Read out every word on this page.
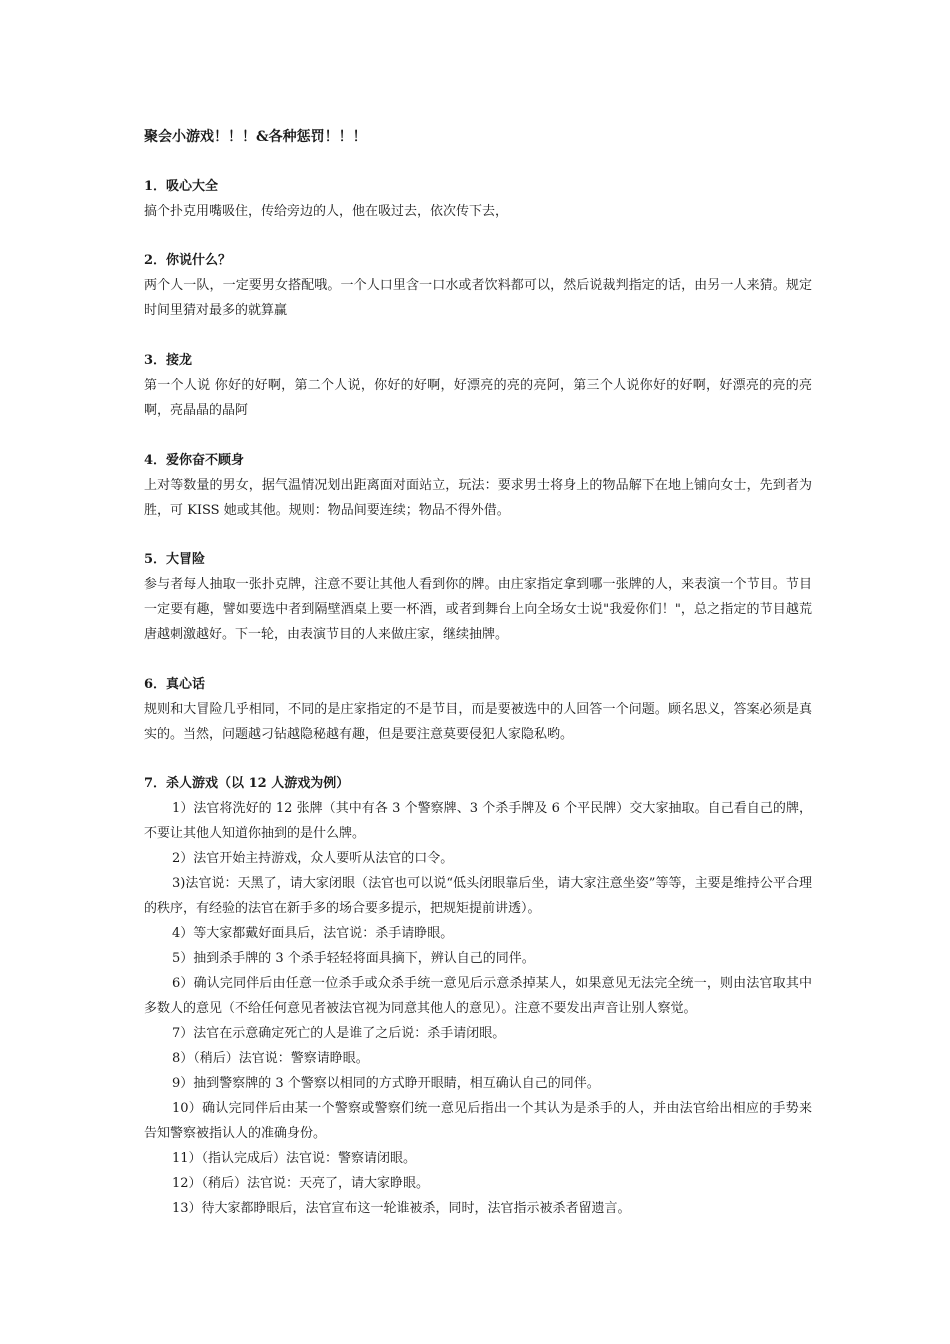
聚会小游戏！！！&各种惩罚！！！
1．吸心大全
搞个扑克用嘴吸住，传给旁边的人，他在吸过去，依次传下去，
2．你说什么？
两个人一队，一定要男女搭配哦。一个人口里含一口水或者饮料都可以，然后说裁判指定的话，由另一人来猜。规定时间里猜对最多的就算赢
3．接龙
第一个人说 你好的好啊，第二个人说，你好的好啊，好漂亮的亮的亮阿，第三个人说你好的好啊，好漂亮的亮的亮啊，亮晶晶的晶阿
4．爱你奋不顾身
上对等数量的男女，据气温情况划出距离面对面站立，玩法：要求男士将身上的物品解下在地上铺向女士，先到者为胜，可 KISS 她或其他。规则：物品间要连续；物品不得外借。
5．大冒险
参与者每人抽取一张扑克牌，注意不要让其他人看到你的牌。由庄家指定拿到哪一张牌的人，来表演一个节目。节目一定要有趣，譬如要选中者到隔壁酒桌上要一杯酒，或者到舞台上向全场女士说"我爱你们！"，总之指定的节目越荒唐越刺激越好。下一轮，由表演节目的人来做庄家，继续抽牌。
6．真心话
规则和大冒险几乎相同，不同的是庄家指定的不是节目，而是要被选中的人回答一个问题。顾名思义，答案必须是真实的。当然，问题越刁钻越隐秘越有趣，但是要注意莫要侵犯人家隐私哟。
7．杀人游戏（以 12 人游戏为例）
1）法官将洗好的 12 张牌（其中有各 3 个警察牌、3 个杀手牌及 6 个平民牌）交大家抽取。自己看自己的牌，不要让其他人知道你抽到的是什么牌。
2）法官开始主持游戏，众人要听从法官的口令。
3)法官说：天黑了，请大家闭眼（法官也可以说“低头闭眼靠后坐，请大家注意坐姿”等等，主要是维持公平合理的秩序，有经验的法官在新手多的场合要多提示，把规矩提前讲透）。
4）等大家都戴好面具后，法官说：杀手请睁眼。
5）抽到杀手牌的 3 个杀手轻轻将面具摘下，辨认自己的同伴。
6）确认完同伴后由任意一位杀手或众杀手统一意见后示意杀掉某人，如果意见无法完全统一，则由法官取其中多数人的意见（不给任何意见者被法官视为同意其他人的意见）。注意不要发出声音让别人察觉。
7）法官在示意确定死亡的人是谁了之后说：杀手请闭眼。
8）（稍后）法官说：警察请睁眼。
9）抽到警察牌的 3 个警察以相同的方式睁开眼睛，相互确认自己的同伴。
10）确认完同伴后由某一个警察或警察们统一意见后指出一个其认为是杀手的人，并由法官给出相应的手势来告知警察被指认人的准确身份。
11）（指认完成后）法官说：警察请闭眼。
12）（稍后）法官说：天亮了，请大家睁眼。
13）待大家都睁眼后，法官宣布这一轮谁被杀，同时，法官指示被杀者留遗言。
